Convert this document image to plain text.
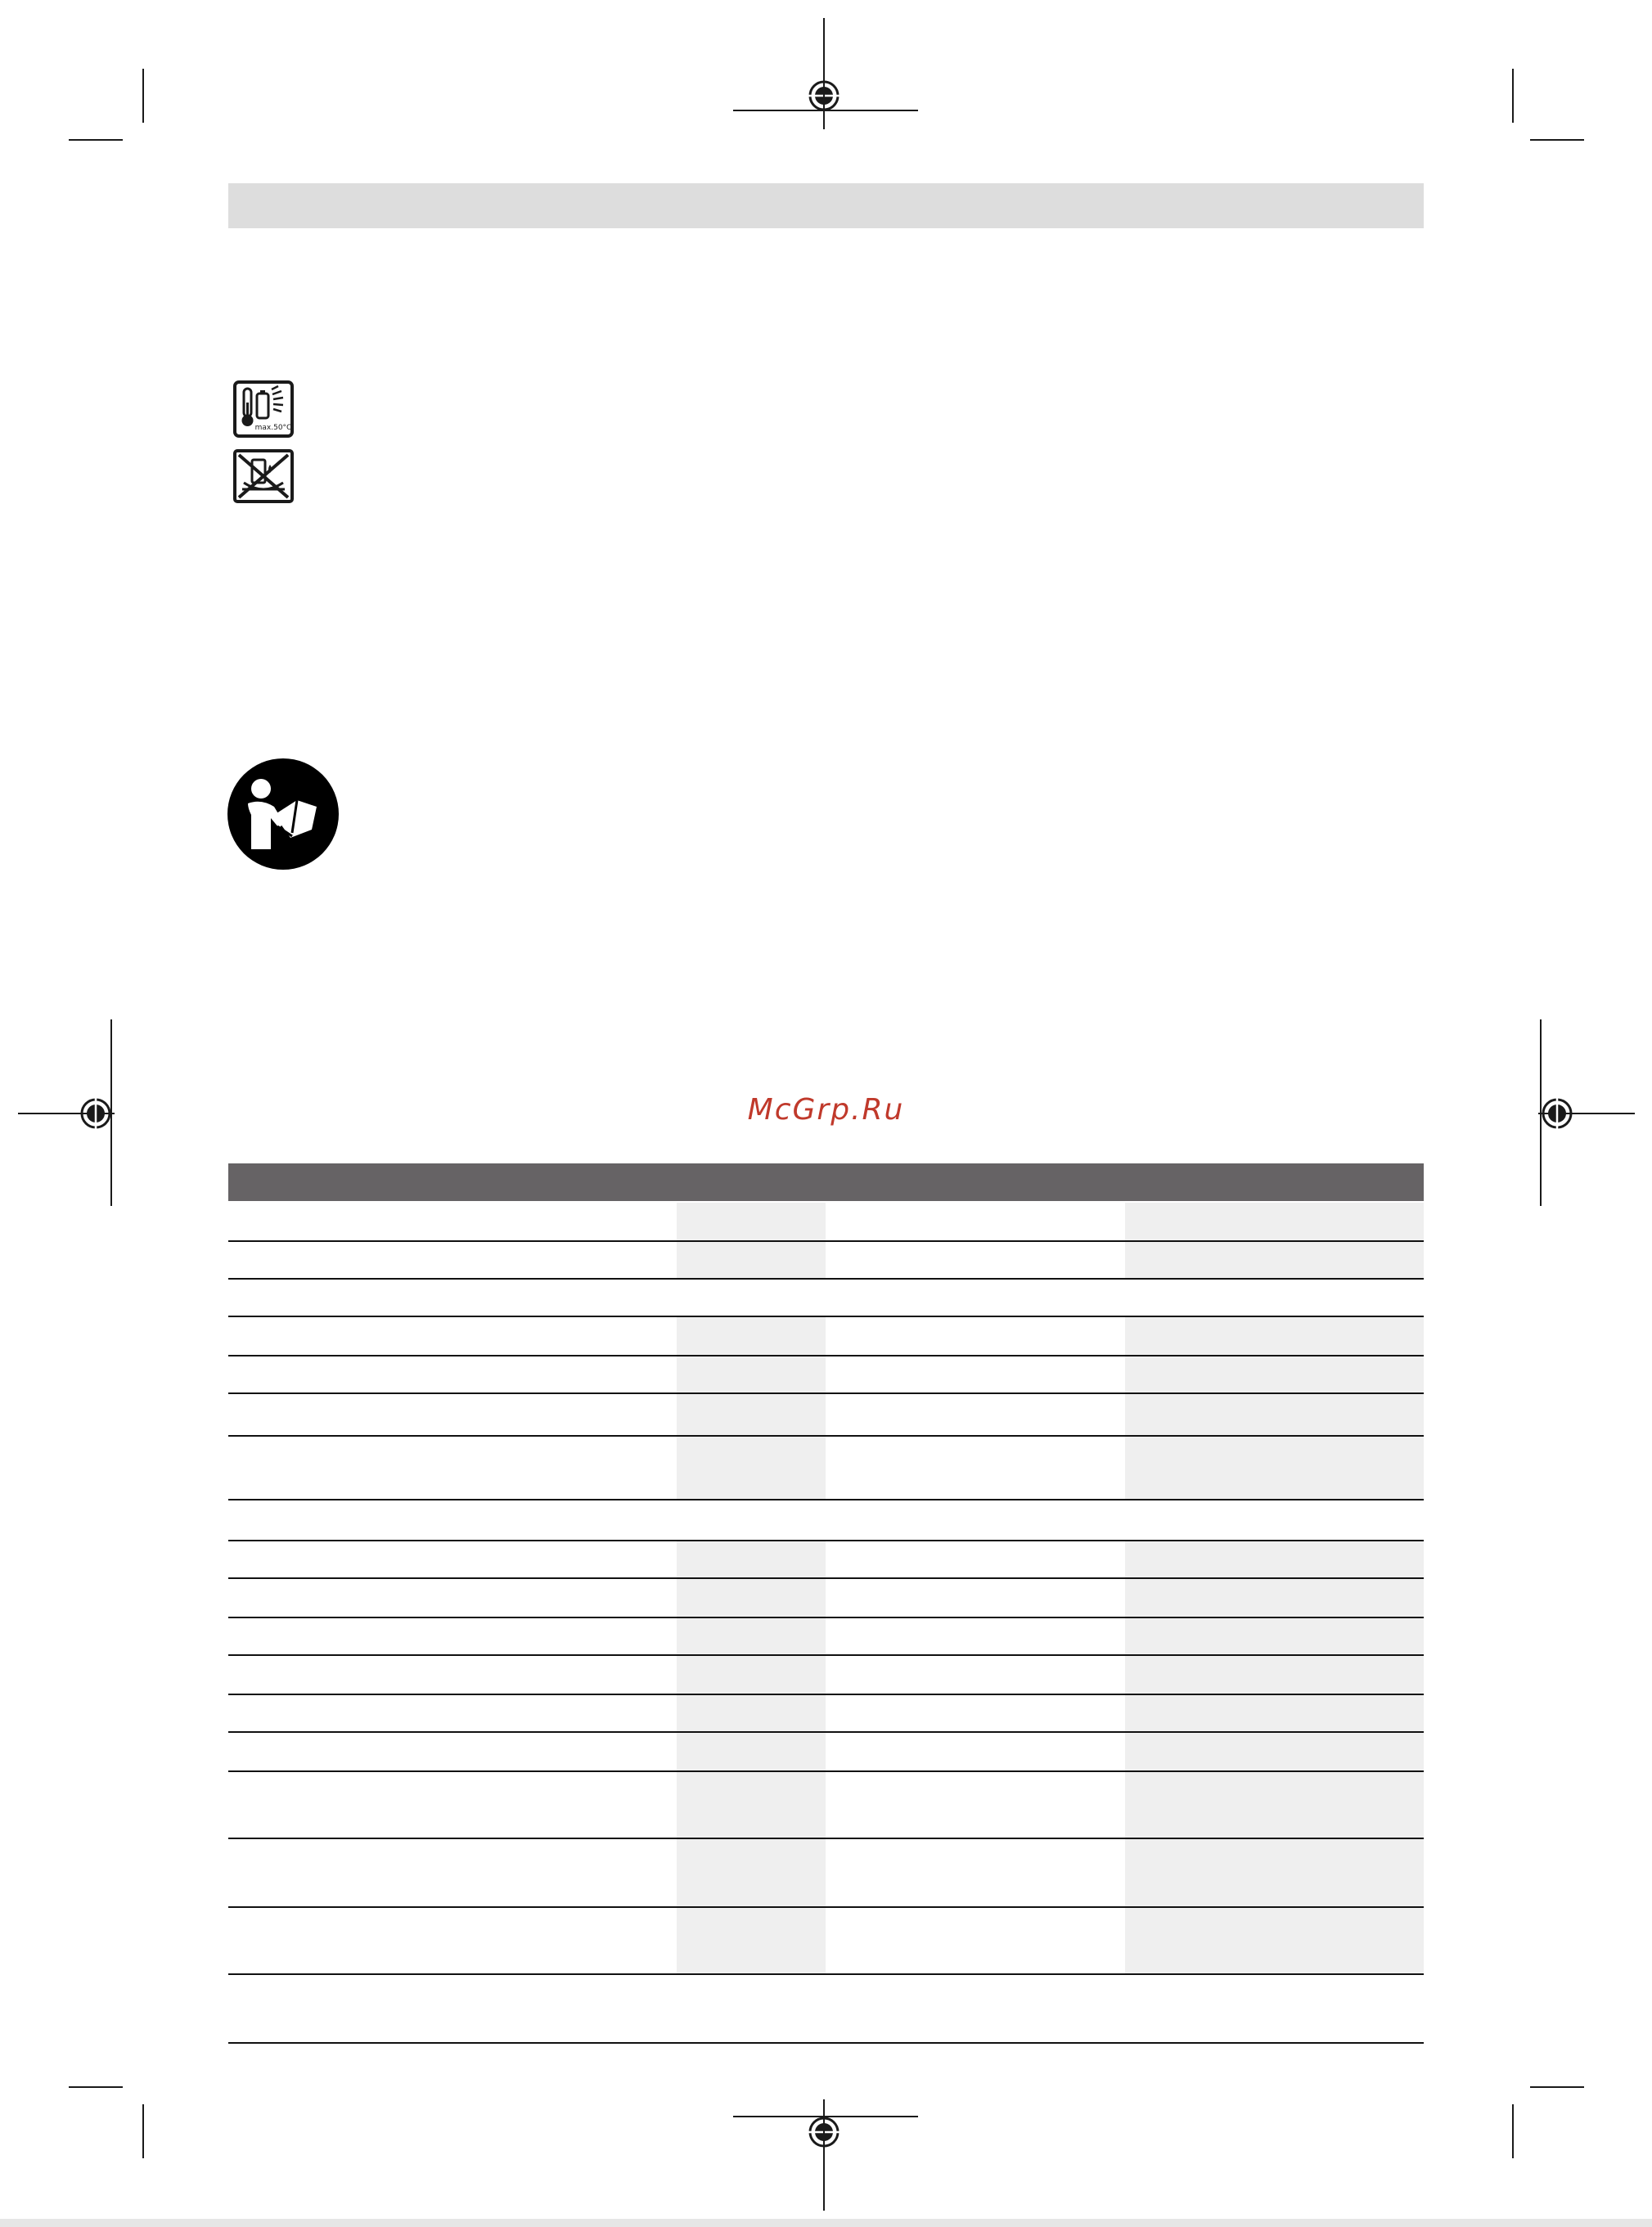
max.50°C
McGrp.Ru
